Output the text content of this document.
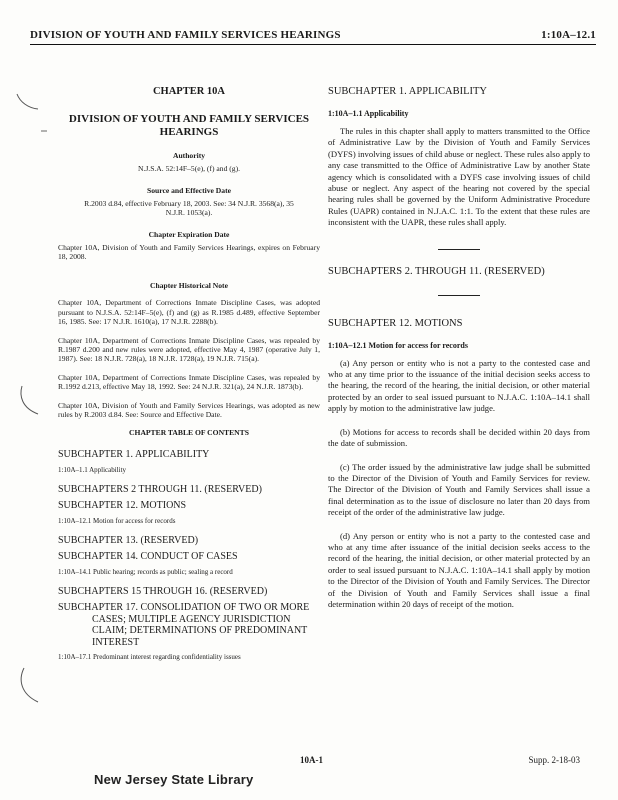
DIVISION OF YOUTH AND FAMILY SERVICES HEARINGS	1:10A–12.1

CHAPTER 10A

DIVISION OF YOUTH AND FAMILY SERVICES HEARINGS

Authority

N.J.S.A. 52:14F–5(e), (f) and (g).

Source and Effective Date

R.2003 d.84, effective February 18, 2003. See: 34 N.J.R. 3568(a), 35 N.J.R. 1053(a).

Chapter Expiration Date

Chapter 10A, Division of Youth and Family Services Hearings, expires on February 18, 2008.

Chapter Historical Note

Chapter 10A, Department of Corrections Inmate Discipline Cases, was adopted pursuant to N.J.S.A. 52:14F–5(e), (f) and (g) as R.1985 d.489, effective September 16, 1985. See: 17 N.J.R. 1610(a), 17 N.J.R. 2288(b).

Chapter 10A, Department of Corrections Inmate Discipline Cases, was repealed by R.1987 d.200 and new rules were adopted, effective May 4, 1987 (operative July 1, 1987). See: 18 N.J.R. 728(a), 18 N.J.R. 1728(a), 19 N.J.R. 715(a).

Chapter 10A, Department of Corrections Inmate Discipline Cases, was repealed by R.1992 d.213, effective May 18, 1992. See: 24 N.J.R. 321(a), 24 N.J.R. 1873(b).

Chapter 10A, Division of Youth and Family Services Hearings, was adopted as new rules by R.2003 d.84. See: Source and Effective Date.

CHAPTER TABLE OF CONTENTS

SUBCHAPTER 1. APPLICABILITY

1:10A–1.1 Applicability

SUBCHAPTERS 2 THROUGH 11. (RESERVED)

SUBCHAPTER 12. MOTIONS

1:10A–12.1 Motion for access for records

SUBCHAPTER 13. (RESERVED)

SUBCHAPTER 14. CONDUCT OF CASES

1:10A–14.1 Public hearing; records as public; sealing a record

SUBCHAPTERS 15 THROUGH 16. (RESERVED)

SUBCHAPTER 17. CONSOLIDATION OF TWO OR MORE CASES; MULTIPLE AGENCY JURISDICTION CLAIM; DETERMINATIONS OF PREDOMINANT INTEREST

1:10A–17.1 Predominant interest regarding confidentiality issues

SUBCHAPTER 1. APPLICABILITY

1:10A–1.1 Applicability

The rules in this chapter shall apply to matters transmitted to the Office of Administrative Law by the Division of Youth and Family Services (DYFS) involving issues of child abuse or neglect. These rules also apply to any case transmitted to the Office of Administrative Law by another State agency which is consolidated with a DYFS case involving issues of child abuse or neglect. Any aspect of the hearing not covered by the special hearing rules shall be governed by the Uniform Administrative Procedure Rules (UAPR) contained in N.J.A.C. 1:1. To the extent that these rules are inconsistent with the UAPR, these rules shall apply.

SUBCHAPTERS 2. THROUGH 11. (RESERVED)

SUBCHAPTER 12. MOTIONS

1:10A–12.1 Motion for access for records

(a) Any person or entity who is not a party to the contested case and who at any time prior to the issuance of the initial decision seeks access to the hearing, the record of the hearing, the initial decision, or other material protected by an order to seal issued pursuant to N.J.A.C. 1:10A–14.1 shall apply by motion to the administrative law judge.

(b) Motions for access to records shall be decided within 20 days from the date of submission.

(c) The order issued by the administrative law judge shall be submitted to the Director of the Division of Youth and Family Services for review. The Director of the Division of Youth and Family Services shall issue a final determination as to the issue of disclosure no later than 20 days from receipt of the order of the administrative law judge.

(d) Any person or entity who is not a party to the contested case and who at any time after issuance of the initial decision seeks access to the record of the hearing, the initial decision, or other material protected by an order to seal issued pursuant to N.J.A.C. 1:10A–14.1 shall apply by motion to the Director of the Division of Youth and Family Services. The Director of the Division of Youth and Family Services shall issue a final determination within 20 days of receipt of the motion.

10A-1	Supp. 2-18-03
New Jersey State Library
